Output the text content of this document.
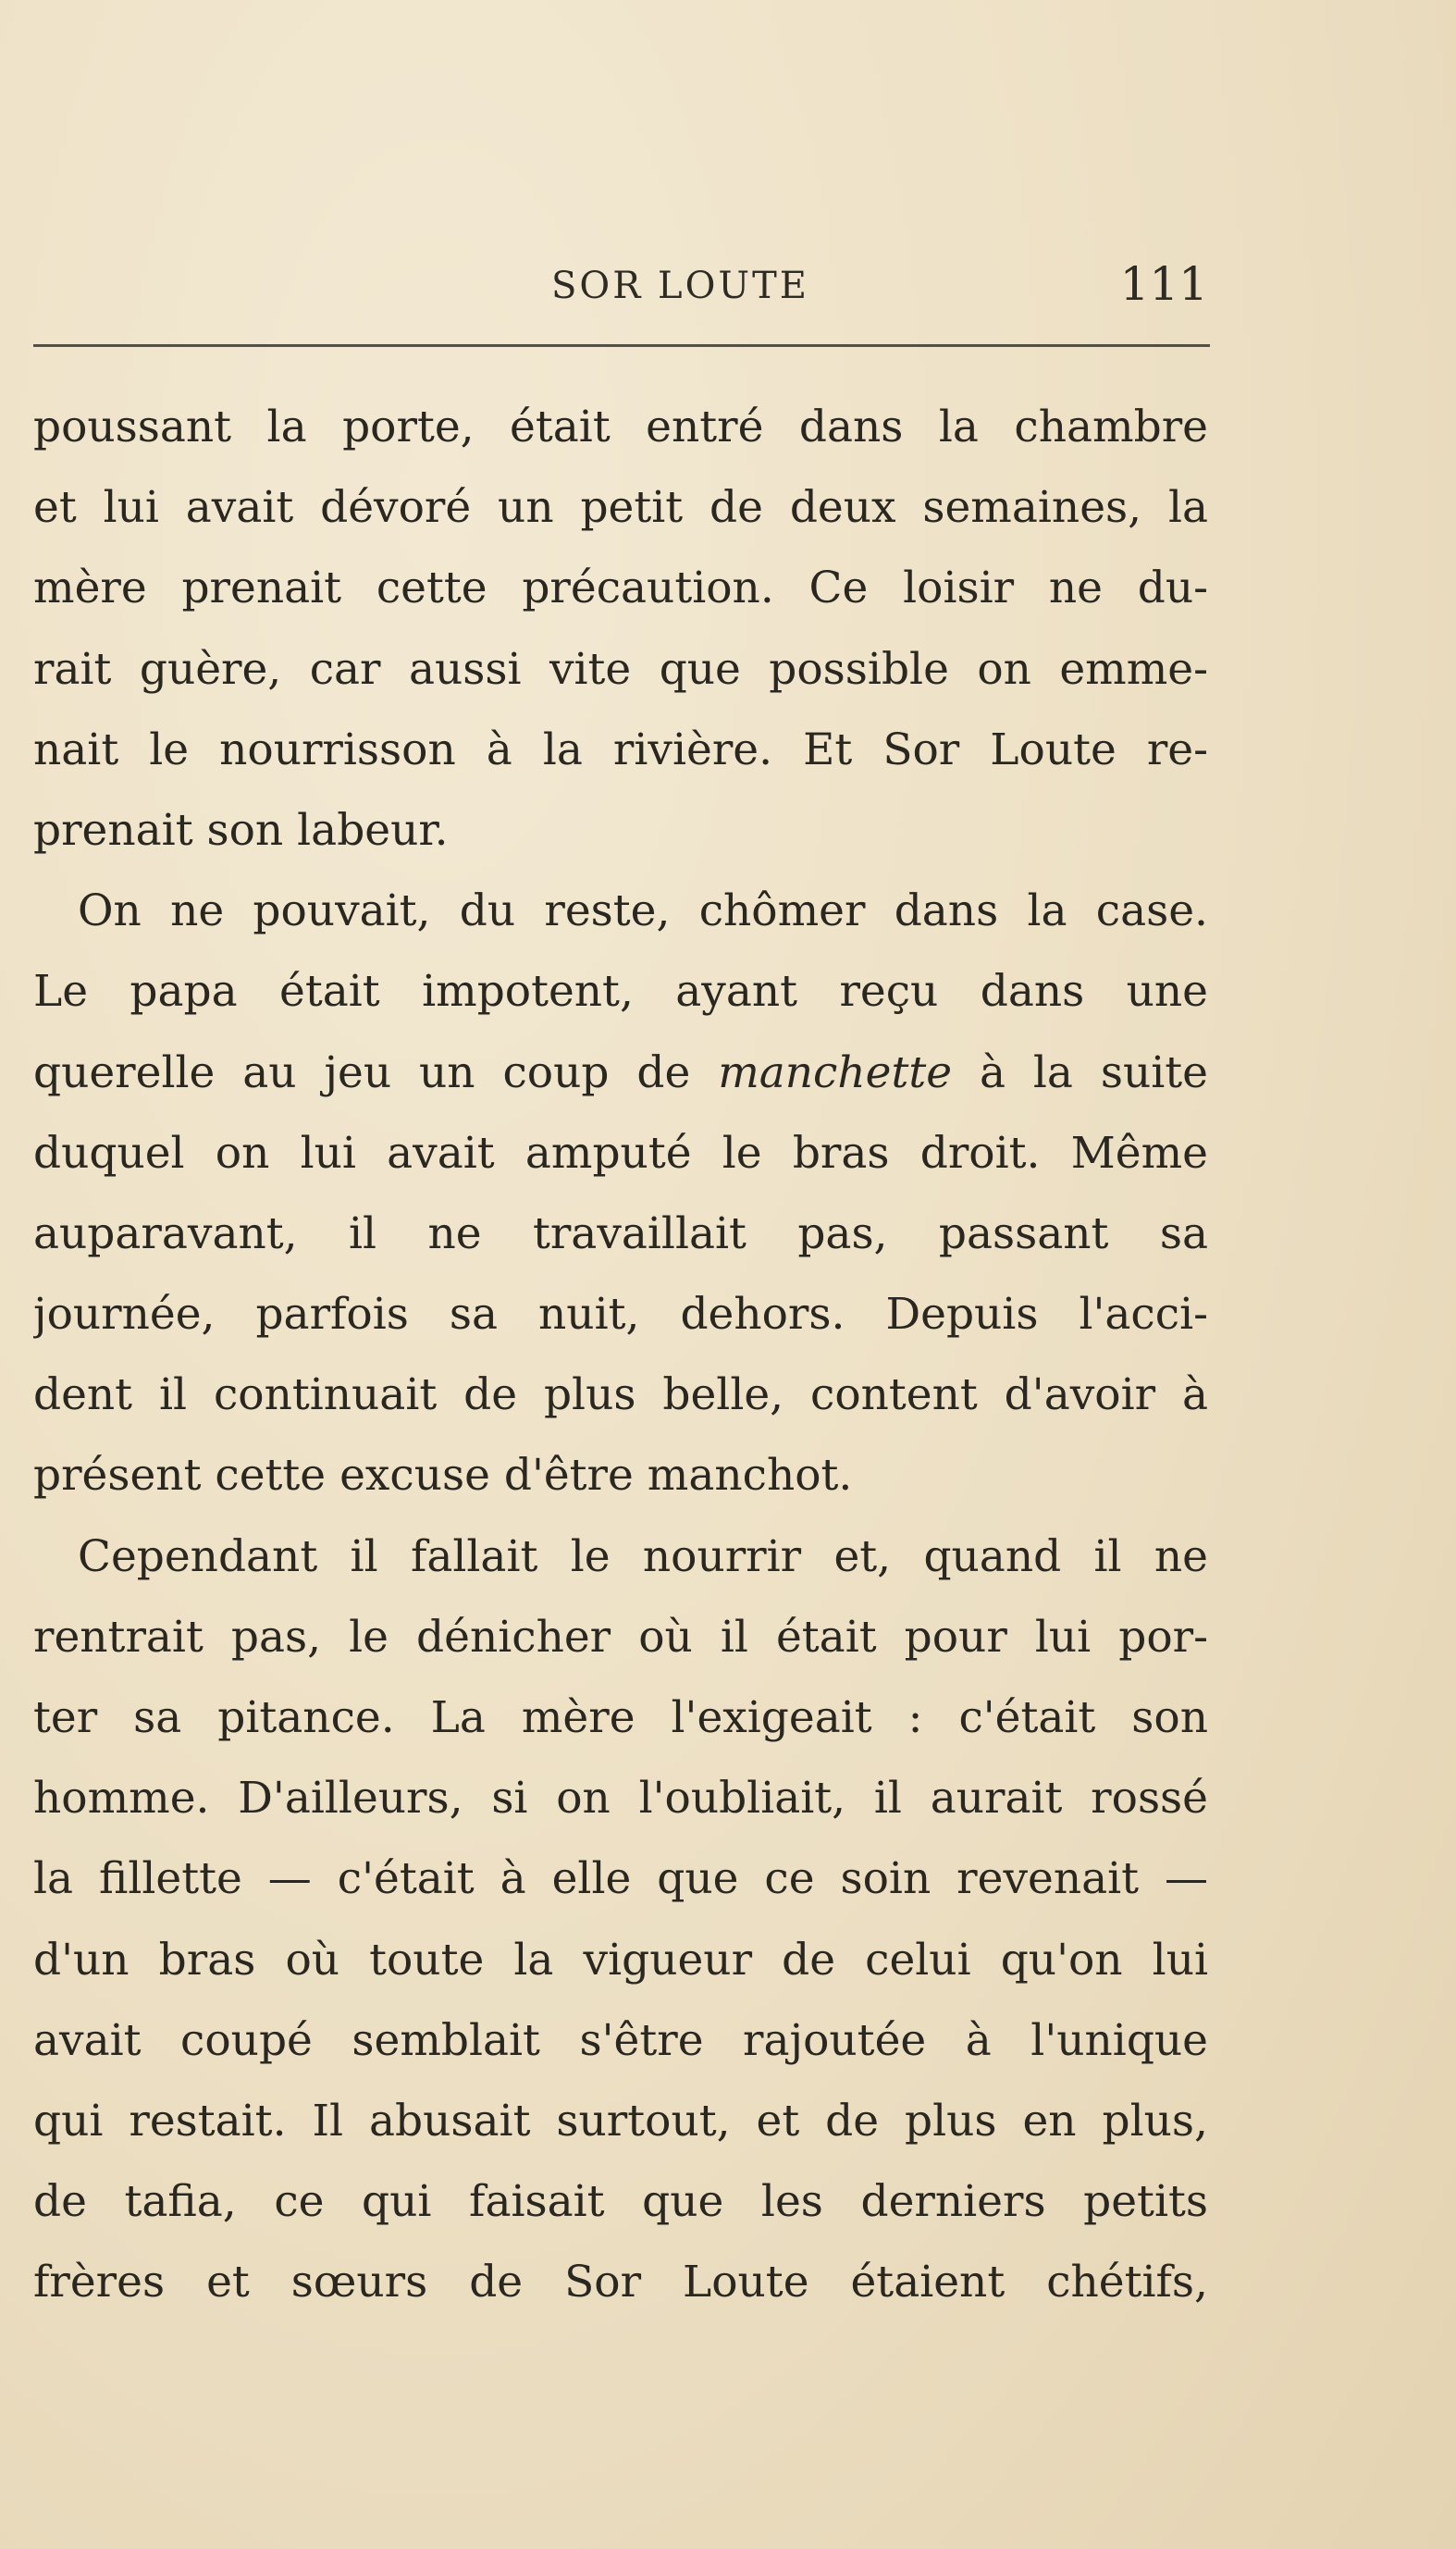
SOR LOUTE	111
poussant la porte, était entré dans la chambre
et lui avait dévoré un petit de deux semaines, la
mère prenait cette précaution. Ce loisir ne du-
rait guère, car aussi vite que possible on emme-
nait le nourrisson à la rivière. Et Sor Loute re-
prenait son labeur.
On ne pouvait, du reste, chômer dans la case.
Le papa était impotent, ayant reçu dans une
querelle au jeu un coup de manchette à la suite
duquel on lui avait amputé le bras droit. Même
auparavant, il ne travaillait pas, passant sa
journée, parfois sa nuit, dehors. Depuis l'acci-
dent il continuait de plus belle, content d'avoir à
présent cette excuse d'être manchot.
Cependant il fallait le nourrir et, quand il ne
rentrait pas, le dénicher où il était pour lui por-
ter sa pitance. La mère l'exigeait : c'était son
homme. D'ailleurs, si on l'oubliait, il aurait rossé
la fillette — c'était à elle que ce soin revenait —
d'un bras où toute la vigueur de celui qu'on lui
avait coupé semblait s'être rajoutée à l'unique
qui restait. Il abusait surtout, et de plus en plus,
de tafia, ce qui faisait que les derniers petits
frères et sœurs de Sor Loute étaient chétifs,
